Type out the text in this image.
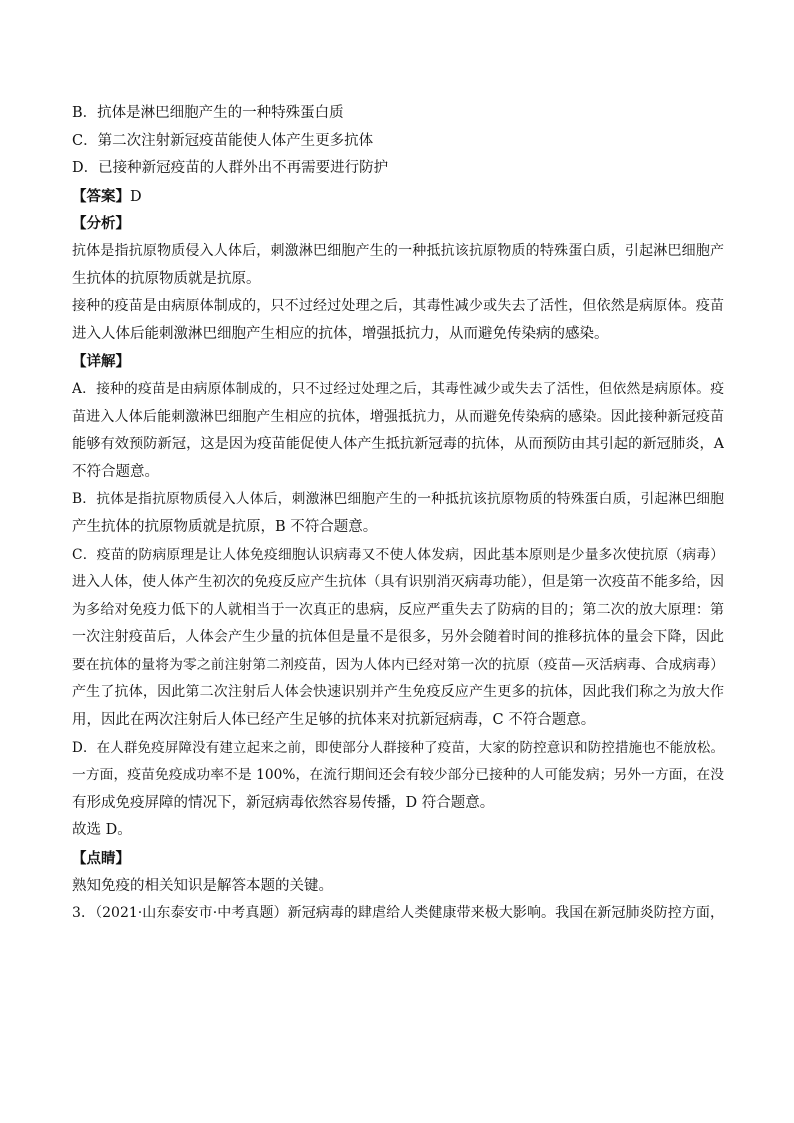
B．抗体是淋巴细胞产生的一种特殊蛋白质
C．第二次注射新冠疫苗能使人体产生更多抗体
D．已接种新冠疫苗的人群外出不再需要进行防护
【答案】D
【分析】
抗体是指抗原物质侵入人体后，刺激淋巴细胞产生的一种抵抗该抗原物质的特殊蛋白质，引起淋巴细胞产
生抗体的抗原物质就是抗原。
接种的疫苗是由病原体制成的，只不过经过处理之后，其毒性减少或失去了活性，但依然是病原体。疫苗
进入人体后能刺激淋巴细胞产生相应的抗体，增强抵抗力，从而避免传染病的感染。
【详解】
A．接种的疫苗是由病原体制成的，只不过经过处理之后，其毒性减少或失去了活性，但依然是病原体。疫
苗进入人体后能刺激淋巴细胞产生相应的抗体，增强抵抗力，从而避免传染病的感染。因此接种新冠疫苗
能够有效预防新冠，这是因为疫苗能促使人体产生抵抗新冠毒的抗体，从而预防由其引起的新冠肺炎，A
不符合题意。
B．抗体是指抗原物质侵入人体后，刺激淋巴细胞产生的一种抵抗该抗原物质的特殊蛋白质，引起淋巴细胞
产生抗体的抗原物质就是抗原，B 不符合题意。
C．疫苗的防病原理是让人体免疫细胞认识病毒又不使人体发病，因此基本原则是少量多次使抗原（病毒）
进入人体，使人体产生初次的免疫反应产生抗体（具有识别消灭病毒功能），但是第一次疫苗不能多给，因
为多给对免疫力低下的人就相当于一次真正的患病，反应严重失去了防病的目的；第二次的放大原理：第
一次注射疫苗后，人体会产生少量的抗体但是量不是很多，另外会随着时间的推移抗体的量会下降，因此
要在抗体的量将为零之前注射第二剂疫苗，因为人体内已经对第一次的抗原（疫苗—灭活病毒、合成病毒）
产生了抗体，因此第二次注射后人体会快速识别并产生免疫反应产生更多的抗体，因此我们称之为放大作
用，因此在两次注射后人体已经产生足够的抗体来对抗新冠病毒，C 不符合题意。
D．在人群免疫屏障没有建立起来之前，即使部分人群接种了疫苗，大家的防控意识和防控措施也不能放松。
一方面，疫苗免疫成功率不是 100%，在流行期间还会有较少部分已接种的人可能发病；另外一方面，在没
有形成免疫屏障的情况下，新冠病毒依然容易传播，D 符合题意。
故选 D。
【点睛】
熟知免疫的相关知识是解答本题的关键。
3．（2021·山东泰安市·中考真题）新冠病毒的肆虐给人类健康带来极大影响。我国在新冠肺炎防控方面，
